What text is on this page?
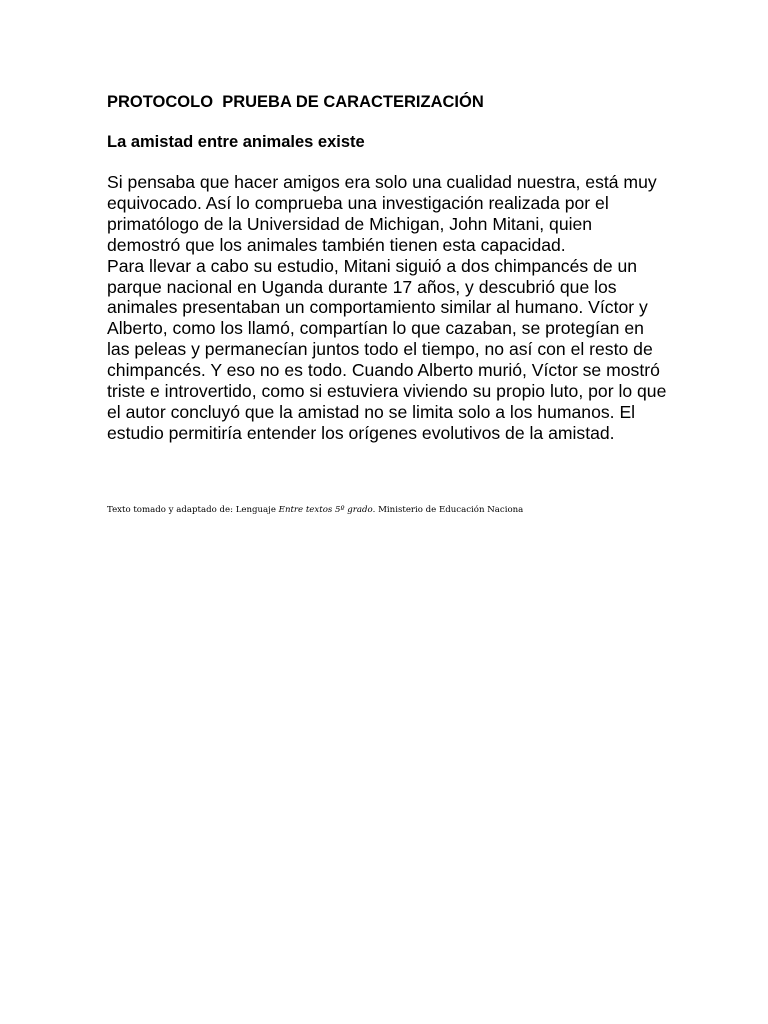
PROTOCOLO  PRUEBA DE CARACTERIZACIÓN
La amistad entre animales existe

Si pensaba que hacer amigos era solo una cualidad nuestra, está muy equivocado. Así lo comprueba una investigación realizada por el primatólogo de la Universidad de Michigan, John Mitani, quien demostró que los animales también tienen esta capacidad.

Para llevar a cabo su estudio, Mitani siguió a dos chimpancés de un parque nacional en Uganda durante 17 años, y descubrió que los animales presentaban un comportamiento similar al humano. Víctor y Alberto, como los llamó, compartían lo que cazaban, se protegían en las peleas y permanecían juntos todo el tiempo, no así con el resto de chimpancés. Y eso no es todo. Cuando Alberto murió, Víctor se mostró triste e introvertido, como si estuviera viviendo su propio luto, por lo que el autor concluyó que la amistad no se limita solo a los humanos. El estudio permitiría entender los orígenes evolutivos de la amistad.

Texto tomado y adaptado de: Lenguaje Entre textos 5º grado. Ministerio de Educación Naciona
